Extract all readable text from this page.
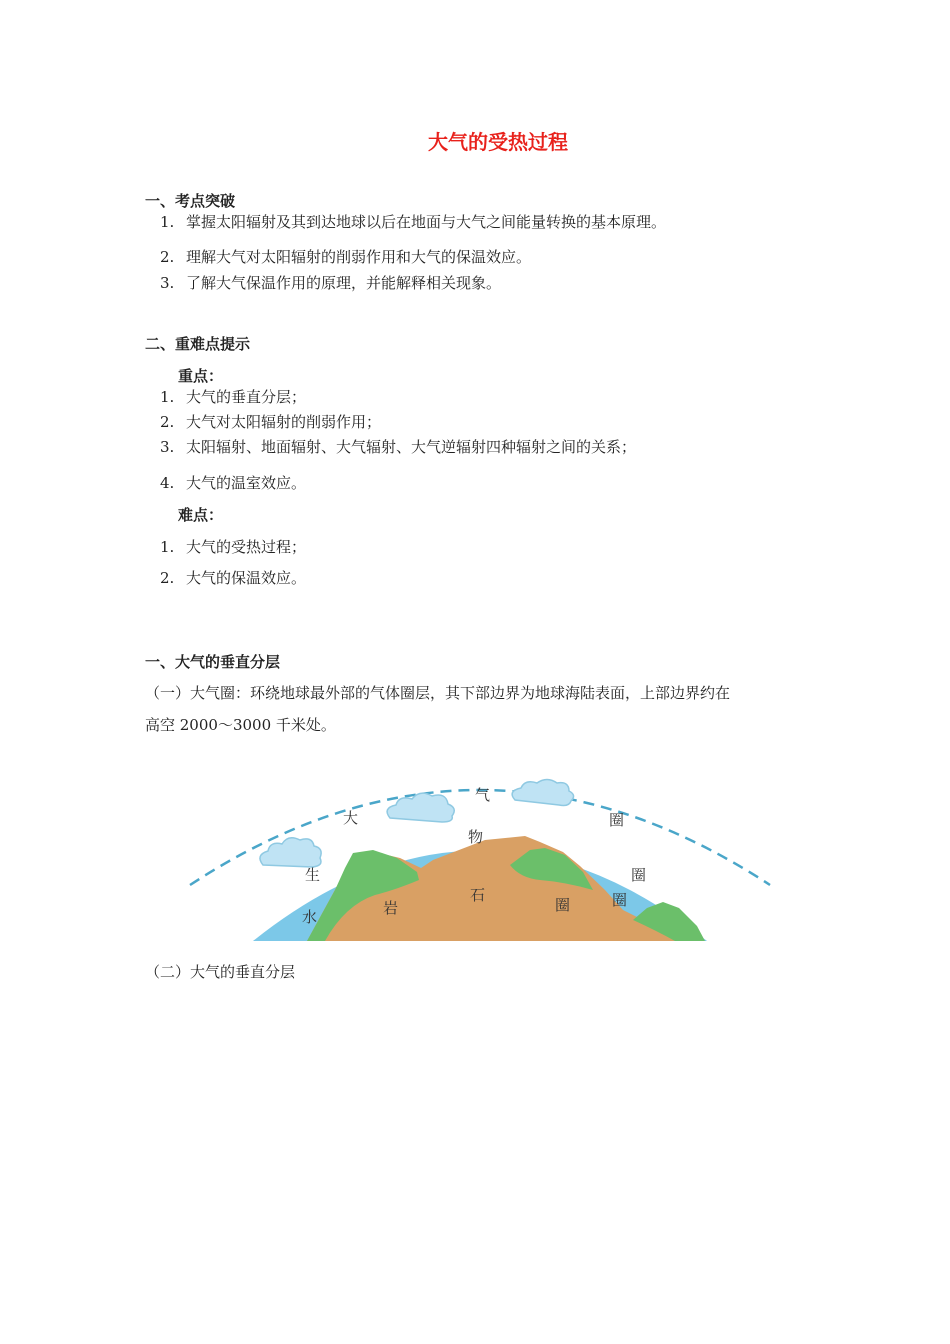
大气的受热过程
一、考点突破
1. 掌握太阳辐射及其到达地球以后在地面与大气之间能量转换的基本原理。
2. 理解大气对太阳辐射的削弱作用和大气的保温效应。
3. 了解大气保温作用的原理，并能解释相关现象。
二、重难点提示
重点：
1. 大气的垂直分层；
2. 大气对太阳辐射的削弱作用；
3. 太阳辐射、地面辐射、大气辐射、大气逆辐射四种辐射之间的关系；
4. 大气的温室效应。
难点：
1. 大气的受热过程；
2. 大气的保温效应。
一、大气的垂直分层
（一）大气圈：环绕地球最外部的气体圈层，其下部边界为地球海陆表面，上部边界约在
高空 2000～3000 千米处。
大
气
圈
生
物
圈
水
圈
岩
石
圈
（二）大气的垂直分层
